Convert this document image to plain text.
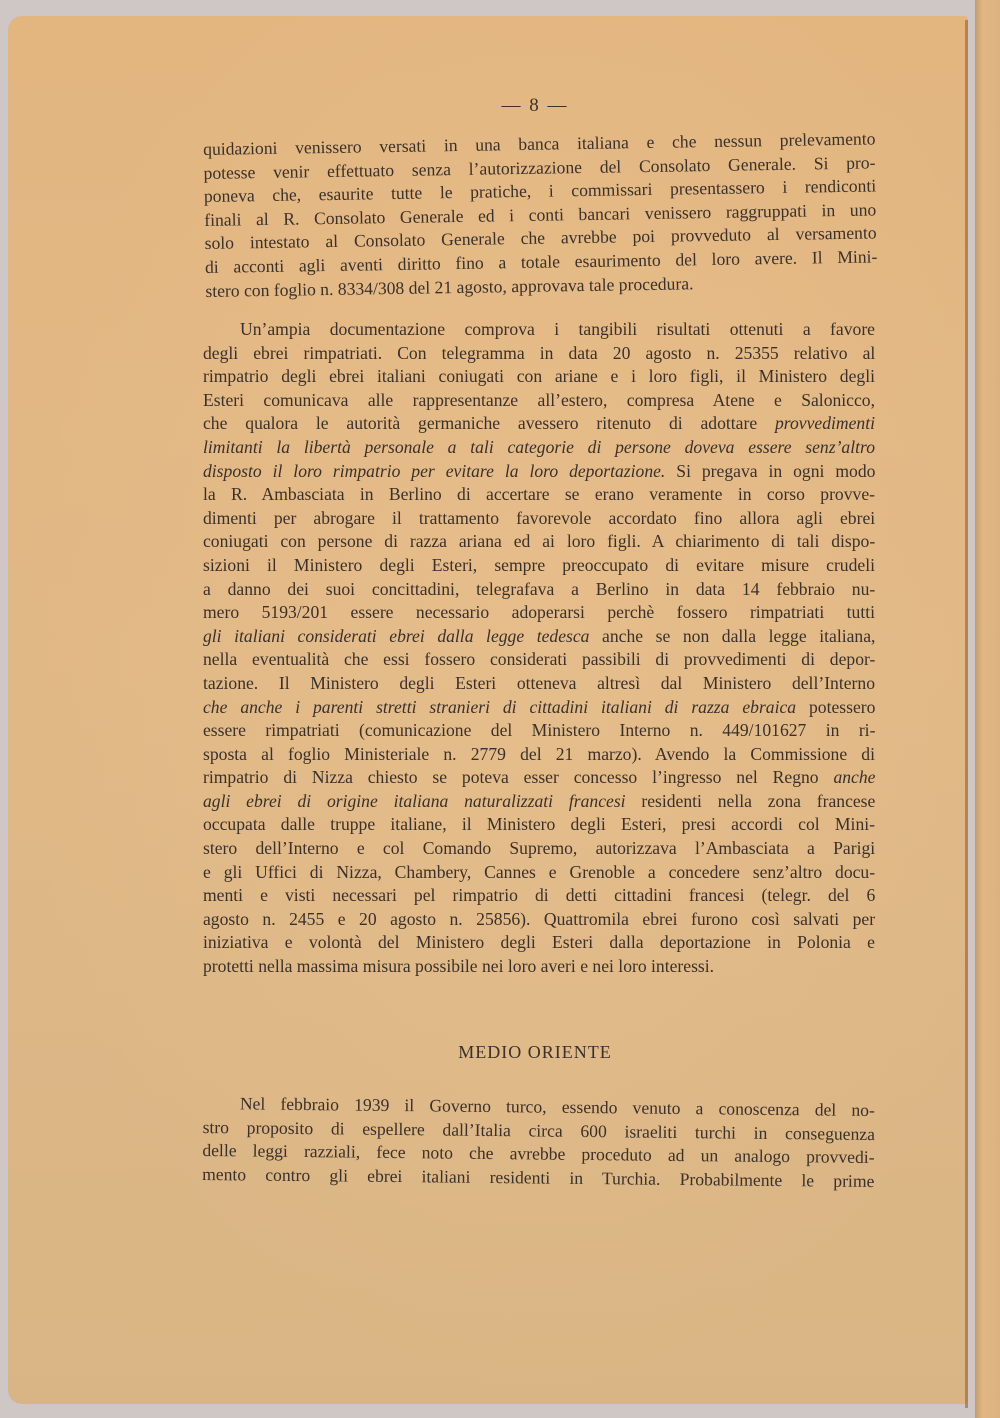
— 8 —
quidazioni venissero versati in una banca italiana e che nessun prelevamento
potesse venir effettuato senza l’autorizzazione del Consolato Generale. Si pro-
poneva che, esaurite tutte le pratiche, i commissari presentassero i rendiconti
finali al R. Consolato Generale ed i conti bancari venissero raggruppati in uno
solo intestato al Consolato Generale che avrebbe poi provveduto al versamento
di acconti agli aventi diritto fino a totale esaurimento del loro avere. Il Mini-
stero con foglio n. 8334/308 del 21 agosto, approvava tale procedura.
Un’ampia documentazione comprova i tangibili risultati ottenuti a favore
degli ebrei rimpatriati. Con telegramma in data 20 agosto n. 25355 relativo al
rimpatrio degli ebrei italiani coniugati con ariane e i loro figli, il Ministero degli
Esteri comunicava alle rappresentanze all’estero, compresa Atene e Salonicco,
che qualora le autorità germaniche avessero ritenuto di adottare provvedimenti
limitanti la libertà personale a tali categorie di persone doveva essere senz’altro
disposto il loro rimpatrio per evitare la loro deportazione. Si pregava in ogni modo
la R. Ambasciata in Berlino di accertare se erano veramente in corso provve-
dimenti per abrogare il trattamento favorevole accordato fino allora agli ebrei
coniugati con persone di razza ariana ed ai loro figli. A chiarimento di tali dispo-
sizioni il Ministero degli Esteri, sempre preoccupato di evitare misure crudeli
a danno dei suoi concittadini, telegrafava a Berlino in data 14 febbraio nu-
mero 5193/201 essere necessario adoperarsi perchè fossero rimpatriati tutti
gli italiani considerati ebrei dalla legge tedesca anche se non dalla legge italiana,
nella eventualità che essi fossero considerati passibili di provvedimenti di depor-
tazione. Il Ministero degli Esteri otteneva altresì dal Ministero dell’Interno
che anche i parenti stretti stranieri di cittadini italiani di razza ebraica potessero
essere rimpatriati (comunicazione del Ministero Interno n. 449/101627 in ri-
sposta al foglio Ministeriale n. 2779 del 21 marzo). Avendo la Commissione di
rimpatrio di Nizza chiesto se poteva esser concesso l’ingresso nel Regno anche
agli ebrei di origine italiana naturalizzati francesi residenti nella zona francese
occupata dalle truppe italiane, il Ministero degli Esteri, presi accordi col Mini-
stero dell’Interno e col Comando Supremo, autorizzava l’Ambasciata a Parigi
e gli Uffici di Nizza, Chambery, Cannes e Grenoble a concedere senz’altro docu-
menti e visti necessari pel rimpatrio di detti cittadini francesi (telegr. del 6
agosto n. 2455 e 20 agosto n. 25856). Quattromila ebrei furono così salvati per
iniziativa e volontà del Ministero degli Esteri dalla deportazione in Polonia e
protetti nella massima misura possibile nei loro averi e nei loro interessi.
MEDIO ORIENTE
Nel febbraio 1939 il Governo turco, essendo venuto a conoscenza del no-
stro proposito di espellere dall’Italia circa 600 israeliti turchi in conseguenza
delle leggi razziali, fece noto che avrebbe proceduto ad un analogo provvedi-
mento contro gli ebrei italiani residenti in Turchia. Probabilmente le prime
